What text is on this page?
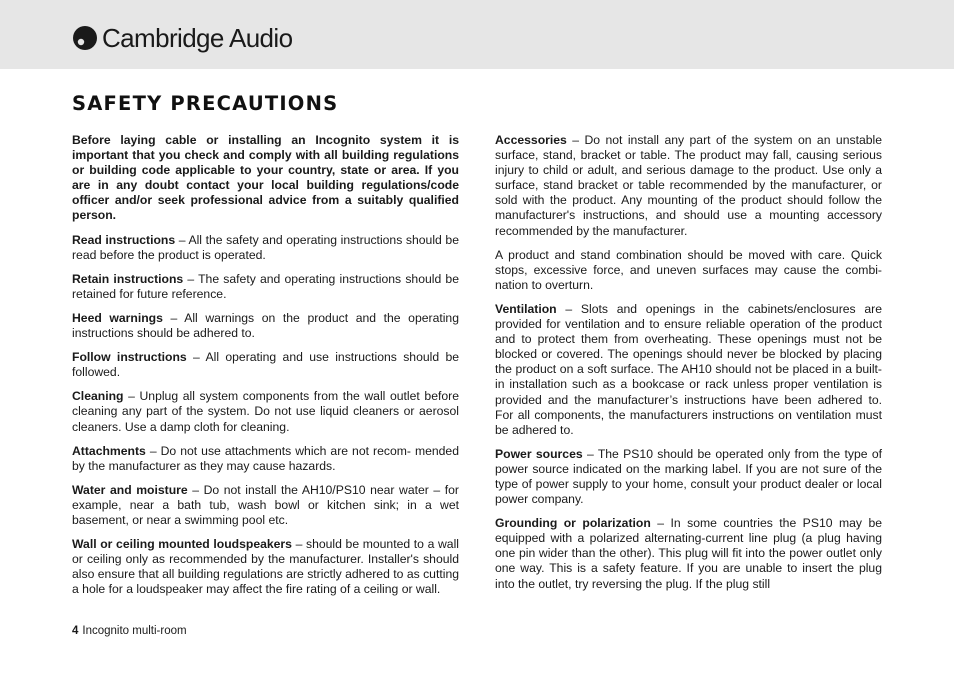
Cambridge Audio
SAFETY PRECAUTIONS

Before laying cable or installing an Incognito system it is important that you check and comply with all building regulations or building code applicable to your country, state or area. If you are in any doubt contact your local building regulations/code officer and/or seek professional advice from a suitably qualified person.

Read instructions – All the safety and operating instructions should be read before the product is operated.

Retain instructions – The safety and operating instructions should be retained for future reference.

Heed warnings – All warnings on the product and the operating instructions should be adhered to.

Follow instructions – All operating and use instructions should be followed.

Cleaning – Unplug all system components from the wall outlet before cleaning any part of the system. Do not use liquid cleaners or aerosol cleaners. Use a damp cloth for cleaning.

Attachments – Do not use attachments which are not recom- mended by the manufacturer as they may cause hazards.

Water and moisture – Do not install the AH10/PS10 near water – for example, near a bath tub, wash bowl or kitchen sink; in a wet basement, or near a swimming pool etc.

Wall or ceiling mounted loudspeakers – should be mounted to a wall or ceiling only as recommended by the manufacturer. Installer's should also ensure that all building regulations are strictly adhered to as cutting a hole for a loudspeaker may affect the fire rating of a ceiling or wall.

Accessories – Do not install any part of the system on an unstable surface, stand, bracket or table. The product may fall, causing serious injury to child or adult, and serious damage to the product. Use only a surface, stand bracket or table recommended by the manufacturer, or sold with the product. Any mounting of the product should follow the manufacturer's instructions, and should use a mounting accessory recommended by the manufacturer.

A product and stand combination should be moved with care. Quick stops, excessive force, and uneven surfaces may cause the combi- nation to overturn.

Ventilation – Slots and openings in the cabinets/enclosures are provided for ventilation and to ensure reliable operation of the product and to protect them from overheating. These openings must not be blocked or covered. The openings should never be blocked by placing the product on a soft surface. The AH10 should not be placed in a built-in installation such as a bookcase or rack unless proper ventilation is provided and the manufacturer’s instructions have been adhered to. For all components, the manufacturers instructions on ventilation must be adhered to.

Power sources – The PS10 should be operated only from the type of power source indicated on the marking label. If you are not sure of the type of power supply to your home, consult your product dealer or local power company.

Grounding or polarization – In some countries the PS10 may be equipped with a polarized alternating-current line plug (a plug having one pin wider than the other). This plug will fit into the power outlet only one way. This is a safety feature. If you are unable to insert the plug into the outlet, try reversing the plug. If the plug still

4 Incognito multi-room
